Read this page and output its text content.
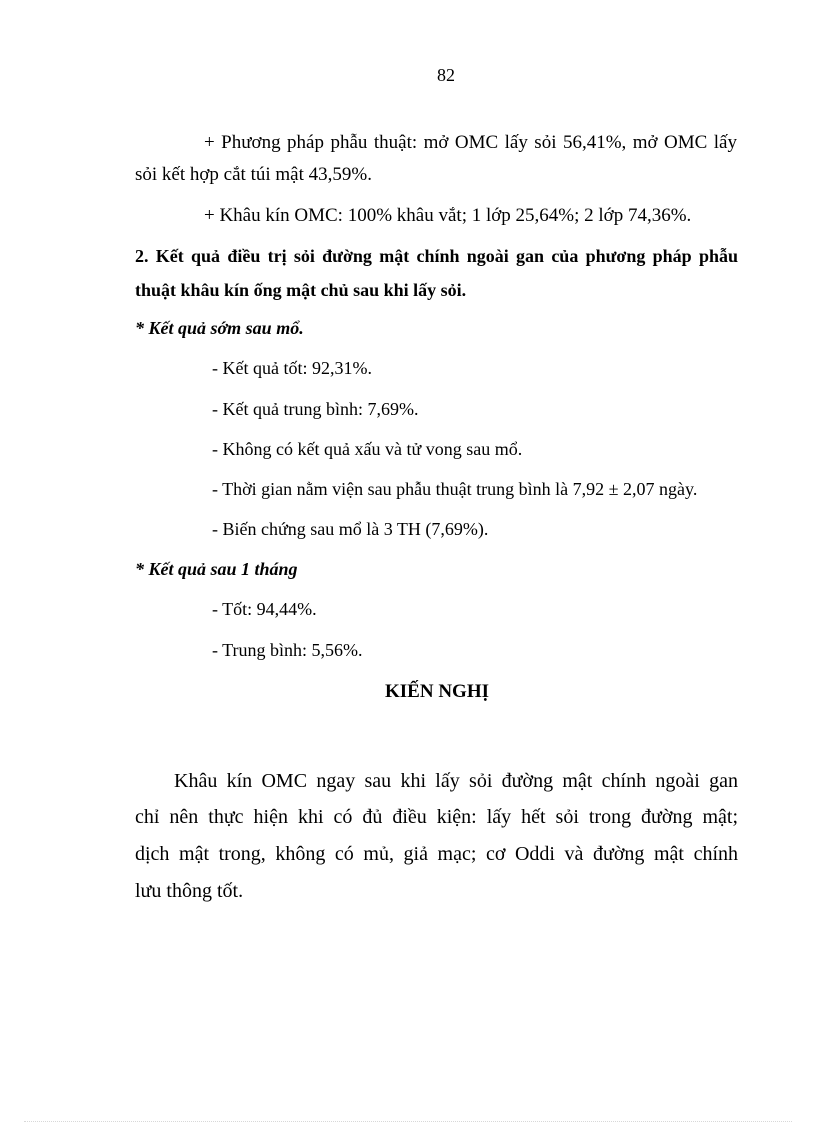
82
+ Phương pháp phẫu thuật: mở OMC lấy sỏi 56,41%, mở OMC lấy
sỏi kết hợp cắt túi mật 43,59%.
+ Khâu kín OMC: 100% khâu vắt; 1 lớp 25,64%; 2 lớp 74,36%.
2. Kết quả điều trị sỏi đường mật chính ngoài gan của phương pháp phẫu
thuật khâu kín ống mật chủ sau khi lấy sỏi.
* Kết quả sớm sau mổ.
- Kết quả tốt: 92,31%.
- Kết quả trung bình: 7,69%.
- Không có kết quả xấu và tử vong sau mổ.
- Thời gian nằm viện sau phẫu thuật trung bình là 7,92 ± 2,07 ngày.
- Biến chứng sau mổ là 3 TH (7,69%).
* Kết quả sau 1 tháng
- Tốt: 94,44%.
- Trung bình: 5,56%.
KIẾN NGHỊ
Khâu kín OMC ngay sau khi lấy sỏi đường mật chính ngoài gan
chỉ nên thực hiện khi có đủ điều kiện: lấy hết sỏi trong đường mật;
dịch mật trong, không có mủ, giả mạc; cơ Oddi và đường mật chính
lưu thông tốt.
